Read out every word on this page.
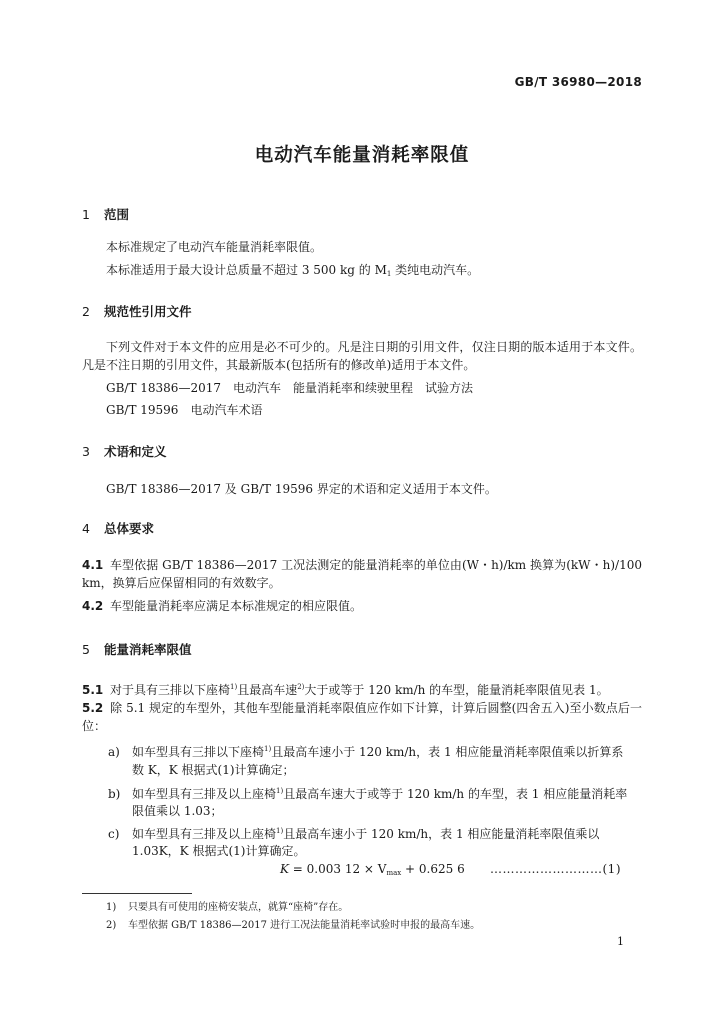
GB/T 36980—2018
电动汽车能量消耗率限值
1 范围
本标准规定了电动汽车能量消耗率限值。
本标准适用于最大设计总质量不超过 3 500 kg 的 $M_1$ 类纯电动汽车。
2 规范性引用文件
下列文件对于本文件的应用是必不可少的。凡是注日期的引用文件，仅注日期的版本适用于本文件。凡是不注日期的引用文件，其最新版本(包括所有的修改单)适用于本文件。
GB/T 18386—2017　电动汽车　能量消耗率和续驶里程　试验方法
GB/T 19596　电动汽车术语
3 术语和定义
GB/T 18386—2017 及 GB/T 19596 界定的术语和定义适用于本文件。
4 总体要求
4.1 车型依据 GB/T 18386—2017 工况法测定的能量消耗率的单位由(W・h)/km 换算为(kW・h)/100 km，换算后应保留相同的有效数字。
4.2 车型能量消耗率应满足本标准规定的相应限值。
5 能量消耗率限值
5.1 对于具有三排以下座椅$^{1)}$且最高车速$^{2)}$大于或等于 120 km/h 的车型，能量消耗率限值见表 1。
5.2 除 5.1 规定的车型外，其他车型能量消耗率限值应作如下计算，计算后圆整(四舍五入)至小数点后一位：
a) 如车型具有三排以下座椅$^{1)}$且最高车速小于 120 km/h，表 1 相应能量消耗率限值乘以折算系
数 K，K 根据式(1)计算确定；
b) 如车型具有三排及以上座椅$^{1)}$且最高车速大于或等于 120 km/h 的车型，表 1 相应能量消耗率
限值乘以 1.03；
c) 如车型具有三排及以上座椅$^{1)}$且最高车速小于 120 km/h，表 1 相应能量消耗率限值乘以
1.03K，K 根据式(1)计算确定。
K = 0.003 $12 \times V_{max} + 0.625$ 6 ………………………(1)
1) 只要具有可使用的座椅安装点，就算“座椅”存在。
2) 车型依据 GB/T 18386—2017 进行工况法能量消耗率试验时申报的最高车速。
1
